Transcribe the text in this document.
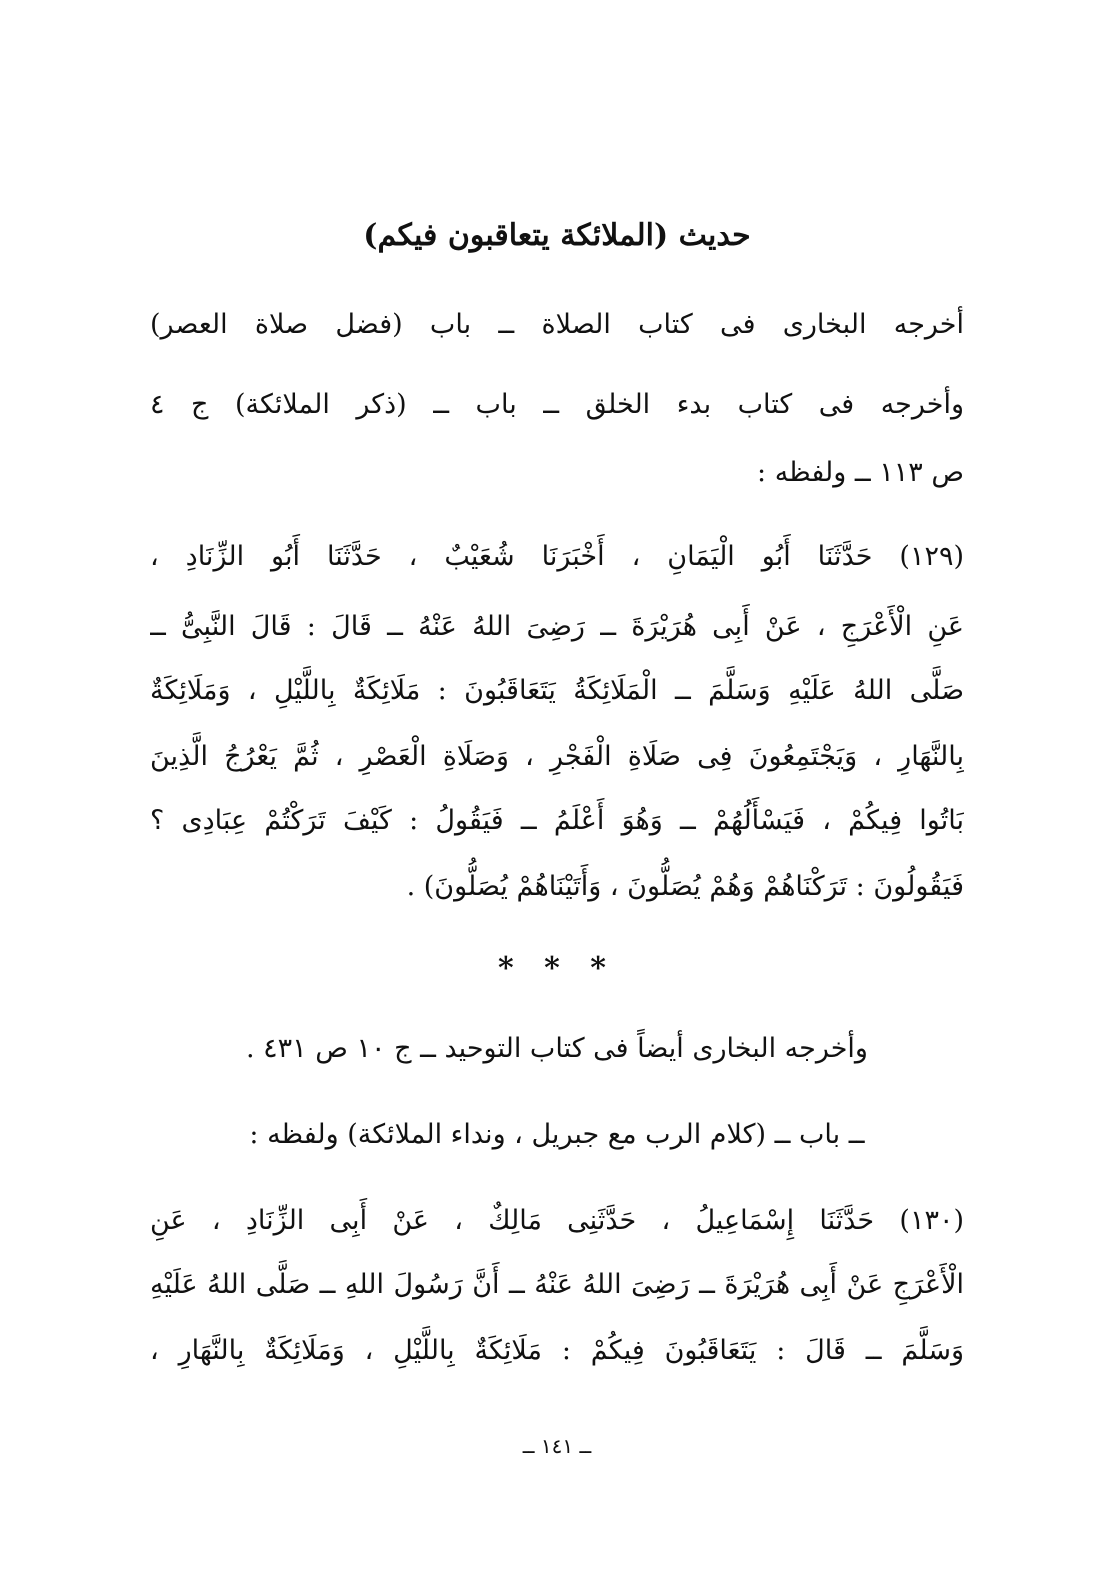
حديث (الملائكة يتعاقبون فيكم)
أخرجه البخارى فى كتاب الصلاة ــ باب (فضل صلاة العصر)
وأخرجه فى كتاب بدء الخلق ــ باب ــ (ذكر الملائكة) ج ٤
ص ١١٣ ــ ولفظه :
(١٢٩) حَدَّثَنَا أَبُو الْيَمَانِ ، أَخْبَرَنَا شُعَيْبٌ ، حَدَّثَنَا أَبُو الزِّنَادِ ،
عَنِ الْأَعْرَجِ ، عَنْ أَبِى هُرَيْرَةَ ــ رَضِىَ اللهُ عَنْهُ ــ قَالَ : قَالَ النَّبِىُّ ــ
صَلَّى اللهُ عَلَيْهِ وَسَلَّمَ ــ الْمَلَائِكَةُ يَتَعَاقَبُونَ : مَلَائِكَةٌ بِاللَّيْلِ ، وَمَلَائِكَةٌ
بِالنَّهَارِ ، وَيَجْتَمِعُونَ فِى صَلَاةِ الْفَجْرِ ، وَصَلَاةِ الْعَصْرِ ، ثُمَّ يَعْرُجُ الَّذِينَ
بَاتُوا فِيكُمْ ، فَيَسْأَلُهُمْ ــ وَهُوَ أَعْلَمُ ــ فَيَقُولُ : كَيْفَ تَرَكْتُمْ عِبَادِى ؟
فَيَقُولُونَ : تَرَكْنَاهُمْ وَهُمْ يُصَلُّونَ ، وَأَتَيْنَاهُمْ يُصَلُّونَ) .
* * *
وأخرجه البخارى أيضاً فى كتاب التوحيد ــ ج ١٠ ص ٤٣١ .
ــ باب ــ (كلام الرب مع جبريل ، ونداء الملائكة) ولفظه :
(١٣٠) حَدَّثَنَا إِسْمَاعِيلُ ، حَدَّثَنِى مَالِكٌ ، عَنْ أَبِى الزِّنَادِ ، عَنِ
الْأَعْرَجِ عَنْ أَبِى هُرَيْرَةَ ــ رَضِىَ اللهُ عَنْهُ ــ أَنَّ رَسُولَ اللهِ ــ صَلَّى اللهُ عَلَيْهِ
وَسَلَّمَ ــ قَالَ : يَتَعَاقَبُونَ فِيكُمْ : مَلَائِكَةٌ بِاللَّيْلِ ، وَمَلَائِكَةٌ بِالنَّهَارِ ،
ــ ١٤١ ــ
